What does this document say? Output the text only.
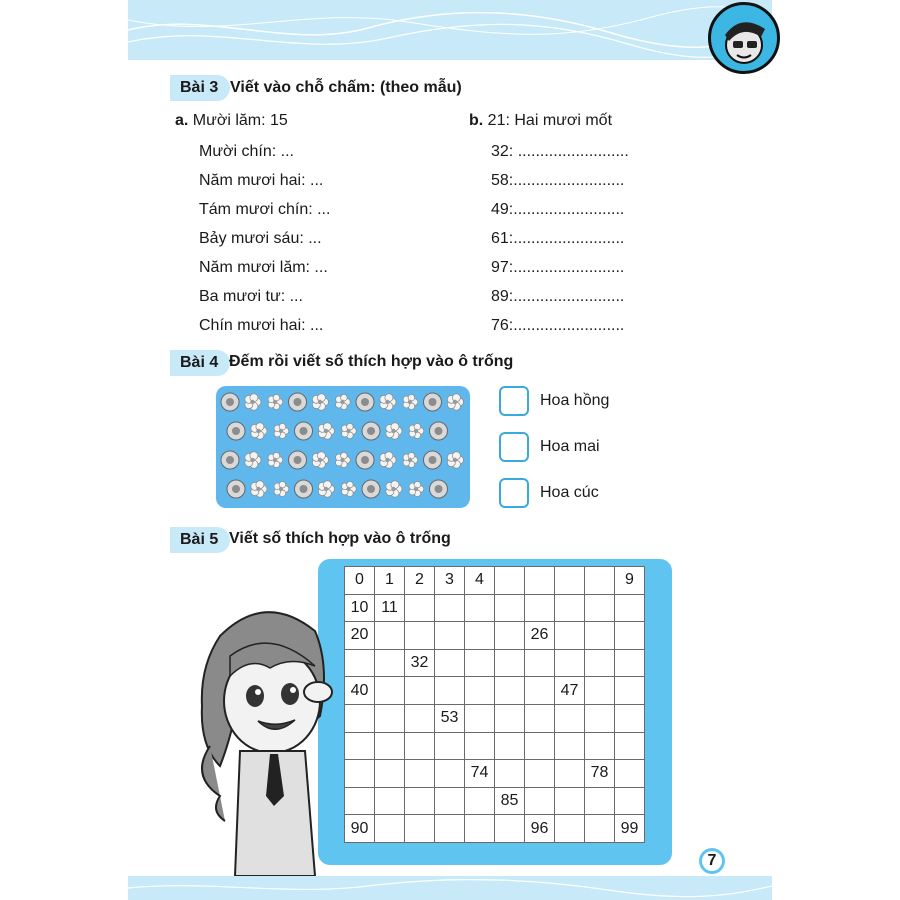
Bài 3 Viết vào chỗ chấm: (theo mẫu)
a. Mười lăm: 15
Mười chín: ...
Năm mươi hai: ...
Tám mươi chín: ...
Bảy mươi sáu: ...
Năm mươi lăm: ...
Ba mươi tư: ...
Chín mươi hai: ...
b. 21: Hai mươi mốt
32: .........................
58:.........................
49:.........................
61:.........................
97:.........................
89:.........................
76:.........................
Bài 4 Đếm rồi viết số thích hợp vào ô trống
Hoa hồng
Hoa mai
Hoa cúc
Bài 5 Viết số thích hợp vào ô trống
0	1	2	3	4					9
10	11								
20						26			
		32							
40							47		
			53						

				74				78	
					85				
90						96			99
7
